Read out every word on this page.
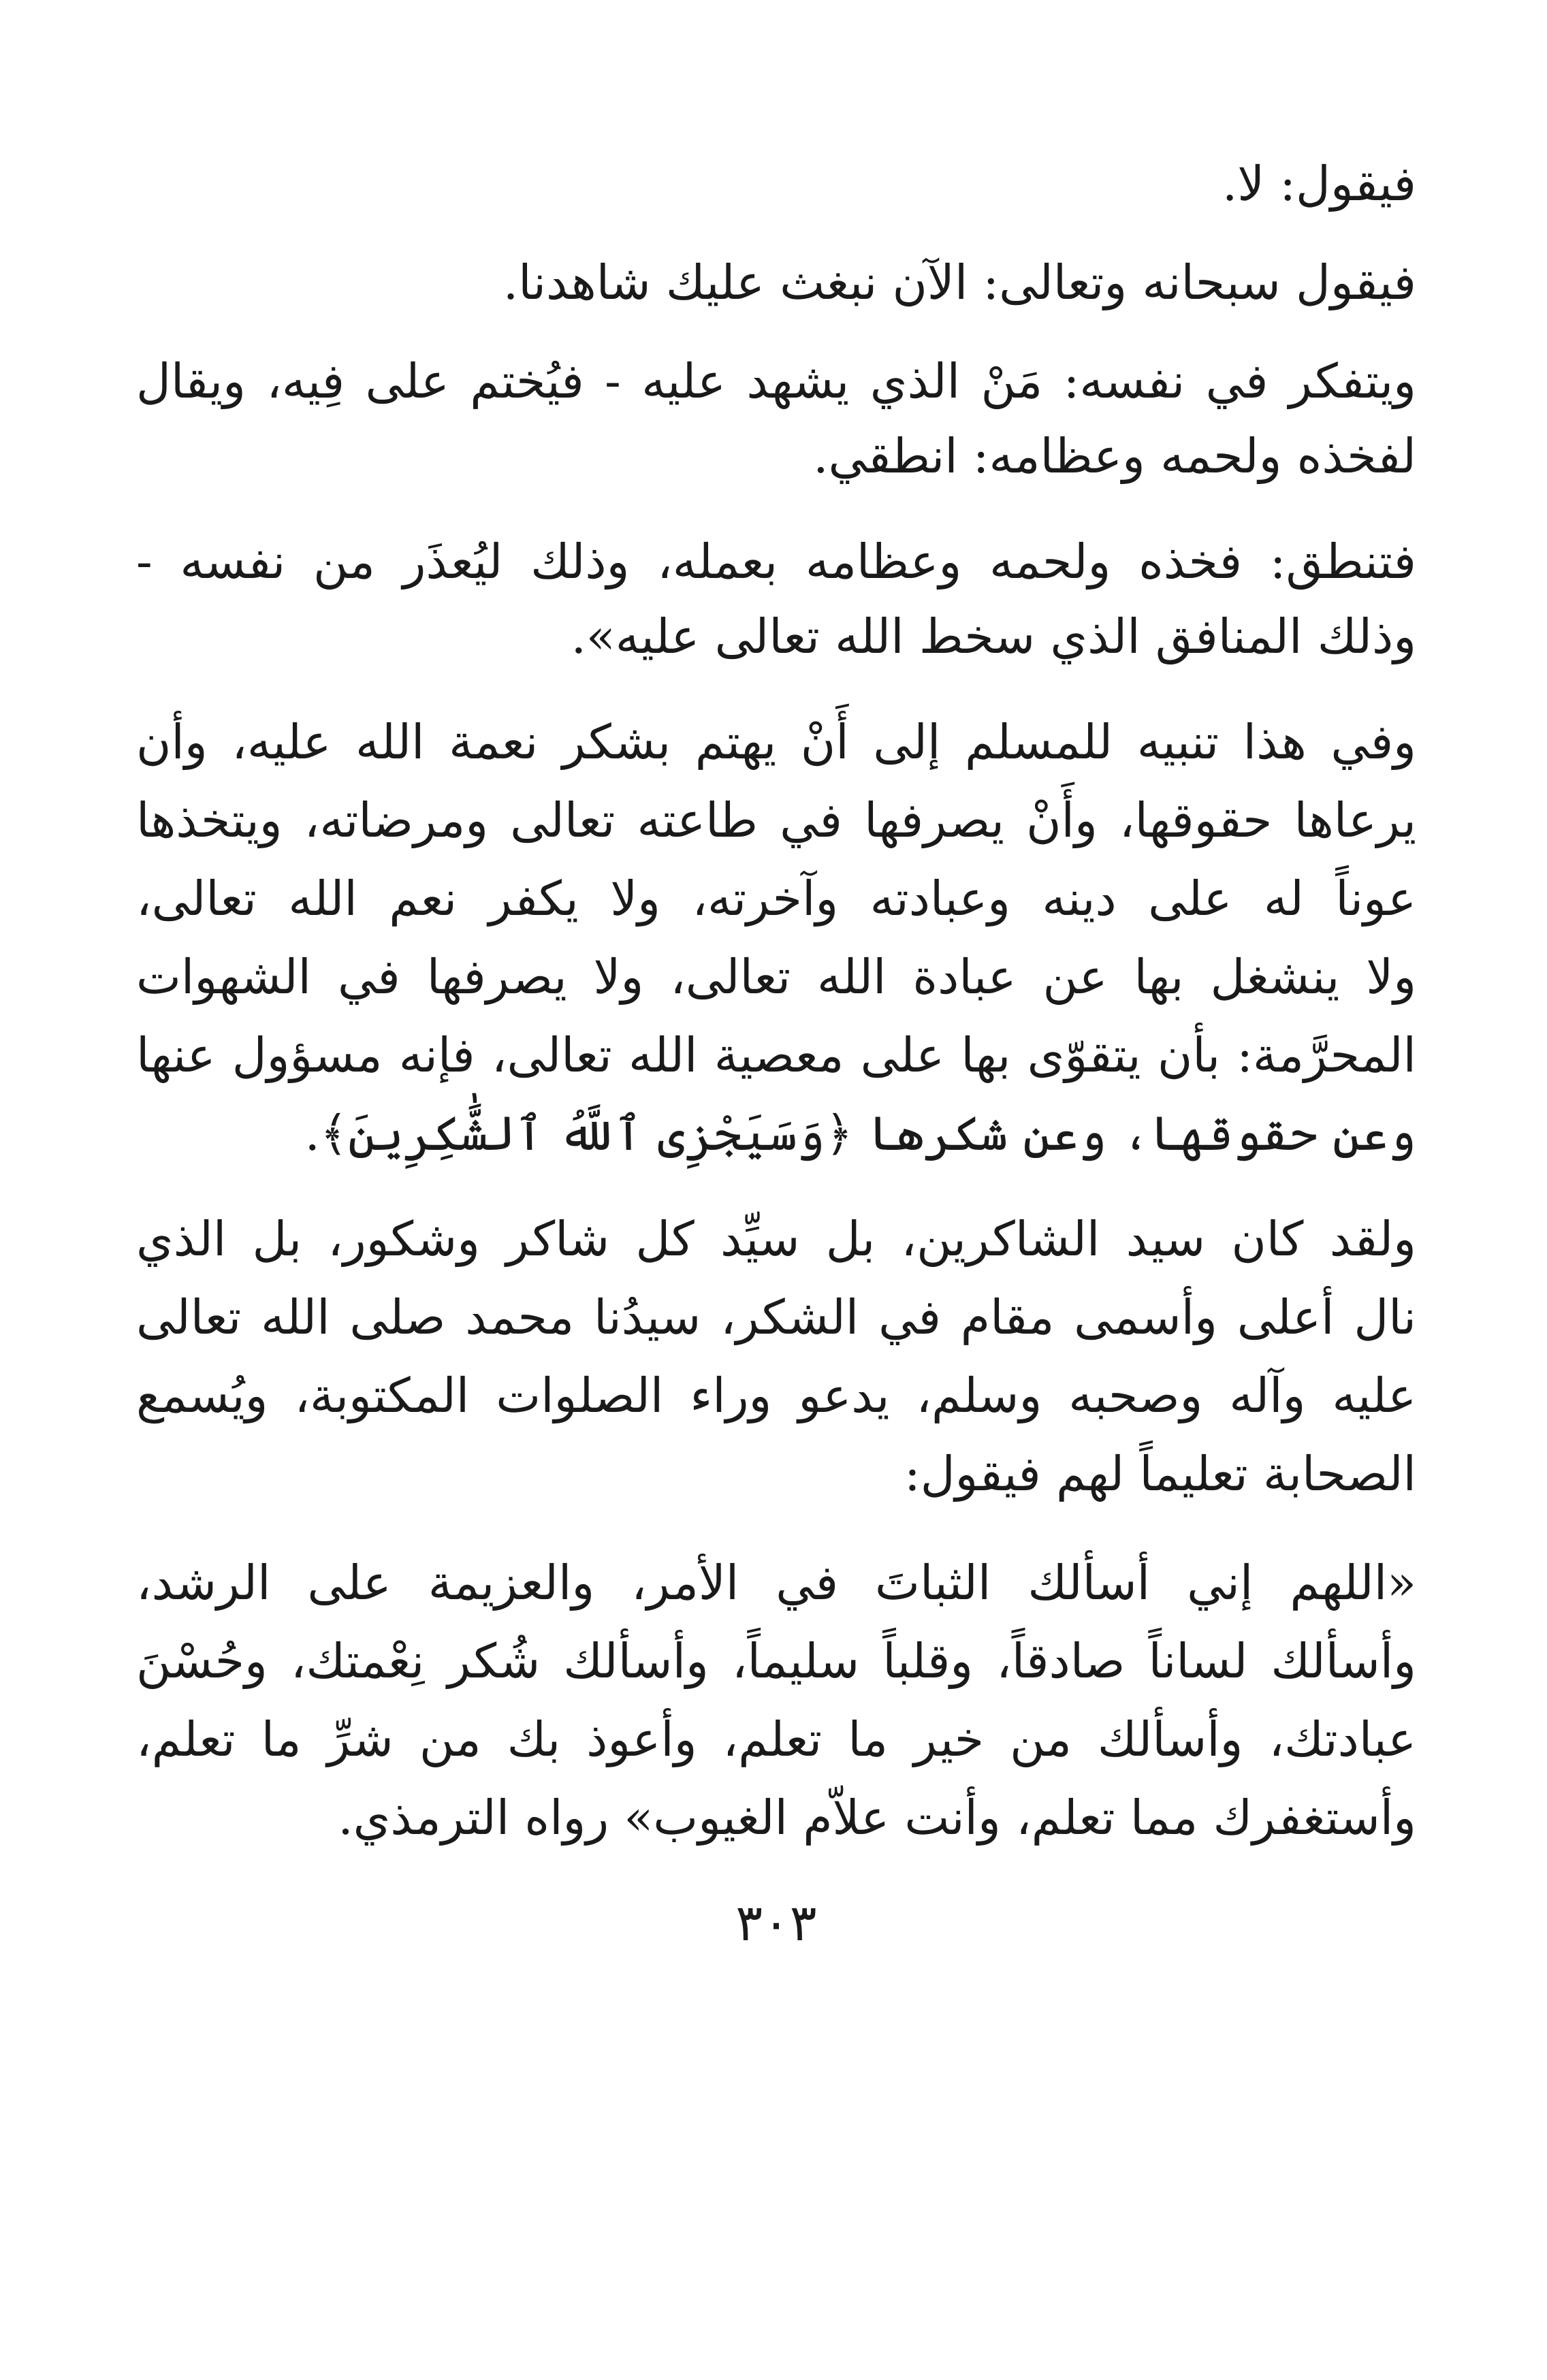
فيقول: لا.
فيقول سبحانه وتعالى: الآن نبغث عليك شاهدنا.
ويتفكر في نفسه: مَنْ الذي يشهد عليه - فيُختم على فِيه، ويقال
لفخذه ولحمه وعظامه: انطقي.
فتنطق: فخذه ولحمه وعظامه بعمله، وذلك ليُعذَر من نفسه -
وذلك المنافق الذي سخط الله تعالى عليه».
وفي هذا تنبيه للمسلم إلى أَنْ يهتم بشكر نعمة الله عليه، وأن
يرعاها حقوقها، وأَنْ يصرفها في طاعته تعالى ومرضاته، ويتخذها
عوناً له على دينه وعبادته وآخرته، ولا يكفر نعم الله تعالى،
ولا ينشغل بها عن عبادة الله تعالى، ولا يصرفها في الشهوات
المحرَّمة: بأن يتقوّى بها على معصية الله تعالى، فإنه مسؤول عنها
وعن حقوقها، وعن شكرها ﴿وَسَيَجْزِى ٱللَّهُ ٱلشَّٰكِرِينَ﴾.
ولقد كان سيد الشاكرين، بل سيِّد كل شاكر وشكور، بل الذي
نال أعلى وأسمى مقام في الشكر، سيدُنا محمد صلى الله تعالى
عليه وآله وصحبه وسلم، يدعو وراء الصلوات المكتوبة، ويُسمع
الصحابة تعليماً لهم فيقول:
«اللهم إني أسألك الثباتَ في الأمر، والعزيمة على الرشد،
وأسألك لساناً صادقاً، وقلباً سليماً، وأسألك شُكر نِعْمتك، وحُسْنَ
عبادتك، وأسألك من خير ما تعلم، وأعوذ بك من شرِّ ما تعلم،
وأستغفرك مما تعلم، وأنت علاّم الغيوب» رواه الترمذي.
٣٠٣
